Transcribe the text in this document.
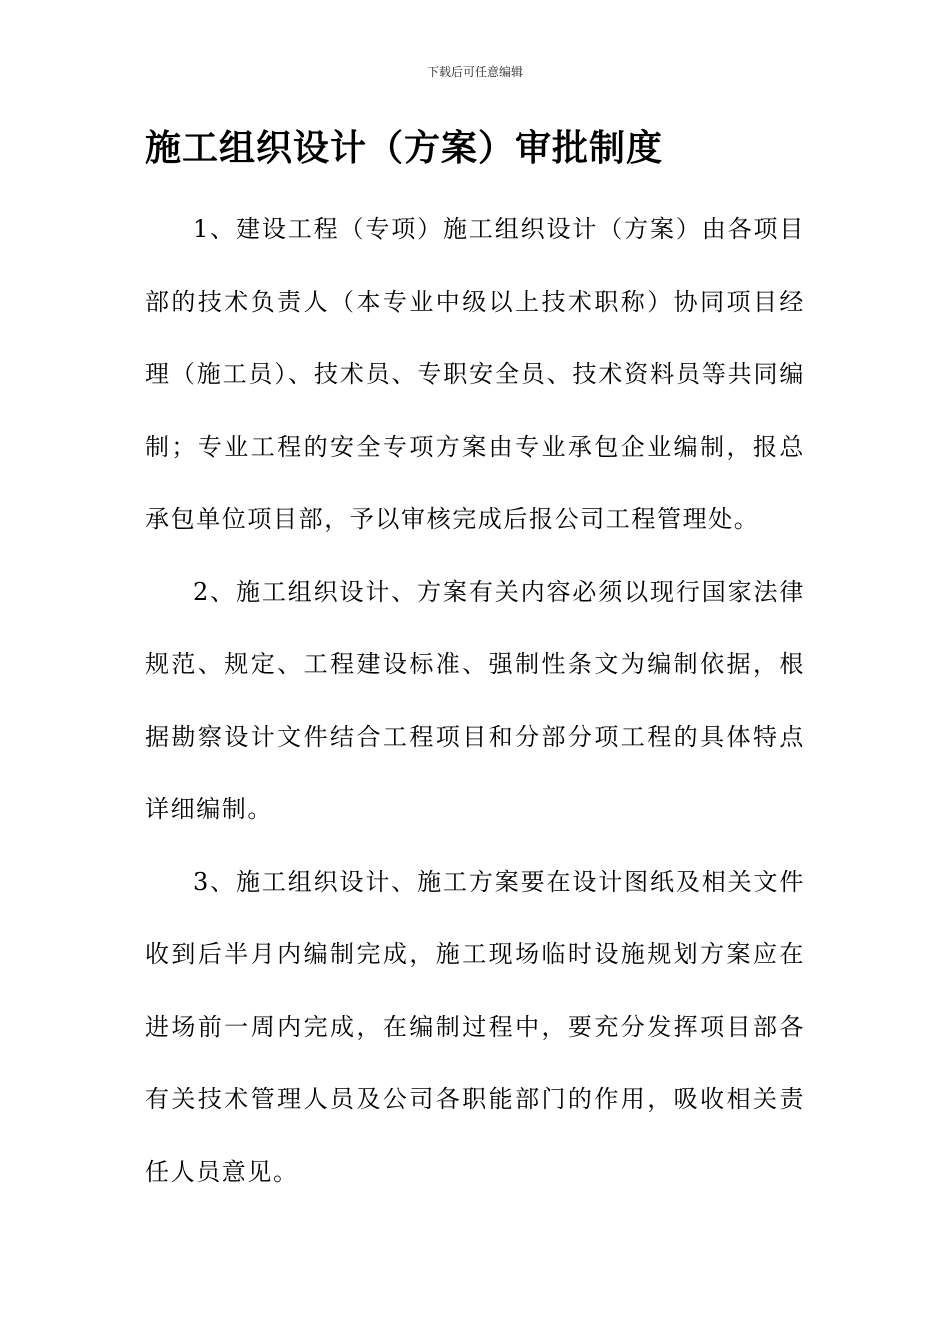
下载后可任意编辑
施工组织设计（方案）审批制度

1、建设工程（专项）施工组织设计（方案）由各项目部的技术负责人（本专业中级以上技术职称）协同项目经理（施工员）、技术员、专职安全员、技术资料员等共同编制；专业工程的安全专项方案由专业承包企业编制，报总承包单位项目部，予以审核完成后报公司工程管理处。

2、施工组织设计、方案有关内容必须以现行国家法律规范、规定、工程建设标准、强制性条文为编制依据，根据勘察设计文件结合工程项目和分部分项工程的具体特点详细编制。

3、施工组织设计、施工方案要在设计图纸及相关文件收到后半月内编制完成，施工现场临时设施规划方案应在进场前一周内完成，在编制过程中，要充分发挥项目部各有关技术管理人员及公司各职能部门的作用，吸收相关责任人员意见。
